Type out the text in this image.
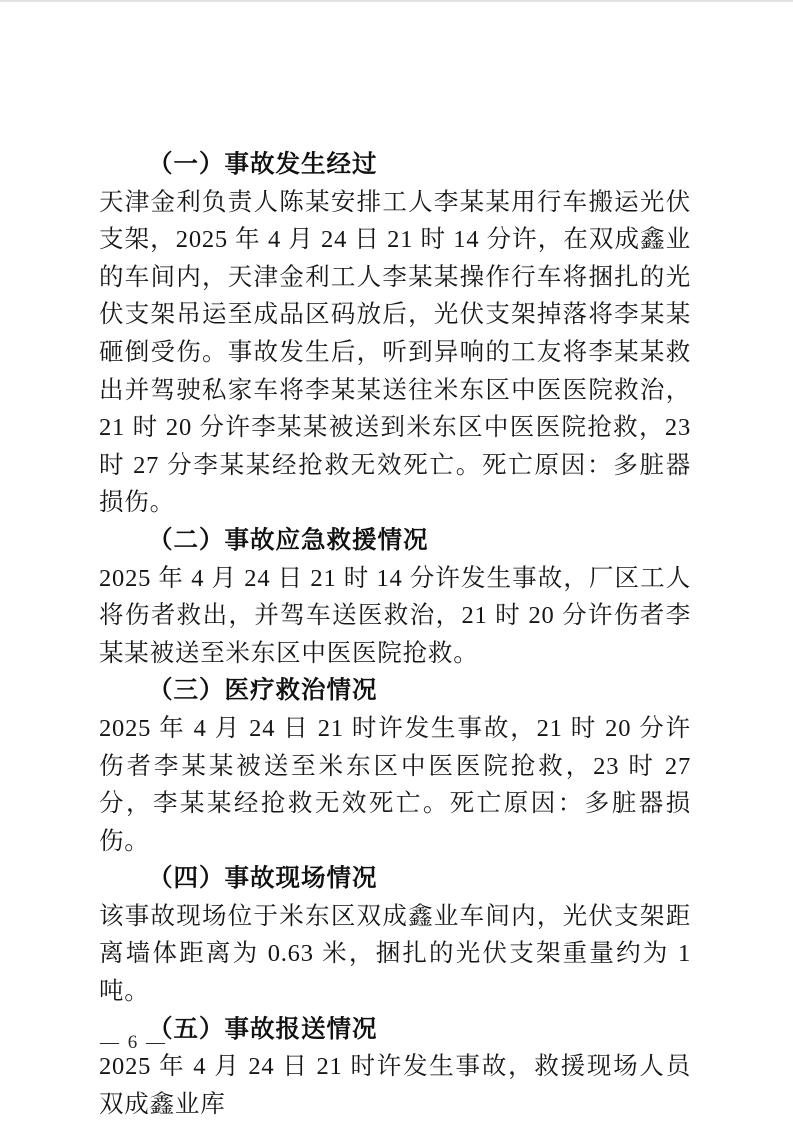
（一）事故发生经过

天津金利负责人陈某安排工人李某某用行车搬运光伏支架，2025 年 4 月 24 日 21 时 14 分许，在双成鑫业的车间内，天津金利工人李某某操作行车将捆扎的光伏支架吊运至成品区码放后，光伏支架掉落将李某某砸倒受伤。事故发生后，听到异响的工友将李某某救出并驾驶私家车将李某某送往米东区中医医院救治，21 时 20 分许李某某被送到米东区中医医院抢救，23 时 27 分李某某经抢救无效死亡。死亡原因：多脏器损伤。

（二）事故应急救援情况

2025 年 4 月 24 日 21 时 14 分许发生事故，厂区工人将伤者救出，并驾车送医救治，21 时 20 分许伤者李某某被送至米东区中医医院抢救。

（三）医疗救治情况

2025 年 4 月 24 日 21 时许发生事故，21 时 20 分许伤者李某某被送至米东区中医医院抢救，23 时 27 分，李某某经抢救无效死亡。死亡原因：多脏器损伤。

（四）事故现场情况

该事故现场位于米东区双成鑫业车间内，光伏支架距离墙体距离为 0.63 米，捆扎的光伏支架重量约为 1 吨。

（五）事故报送情况

2025 年 4 月 24 日 21 时许发生事故，救援现场人员双成鑫业库

— 6 —
